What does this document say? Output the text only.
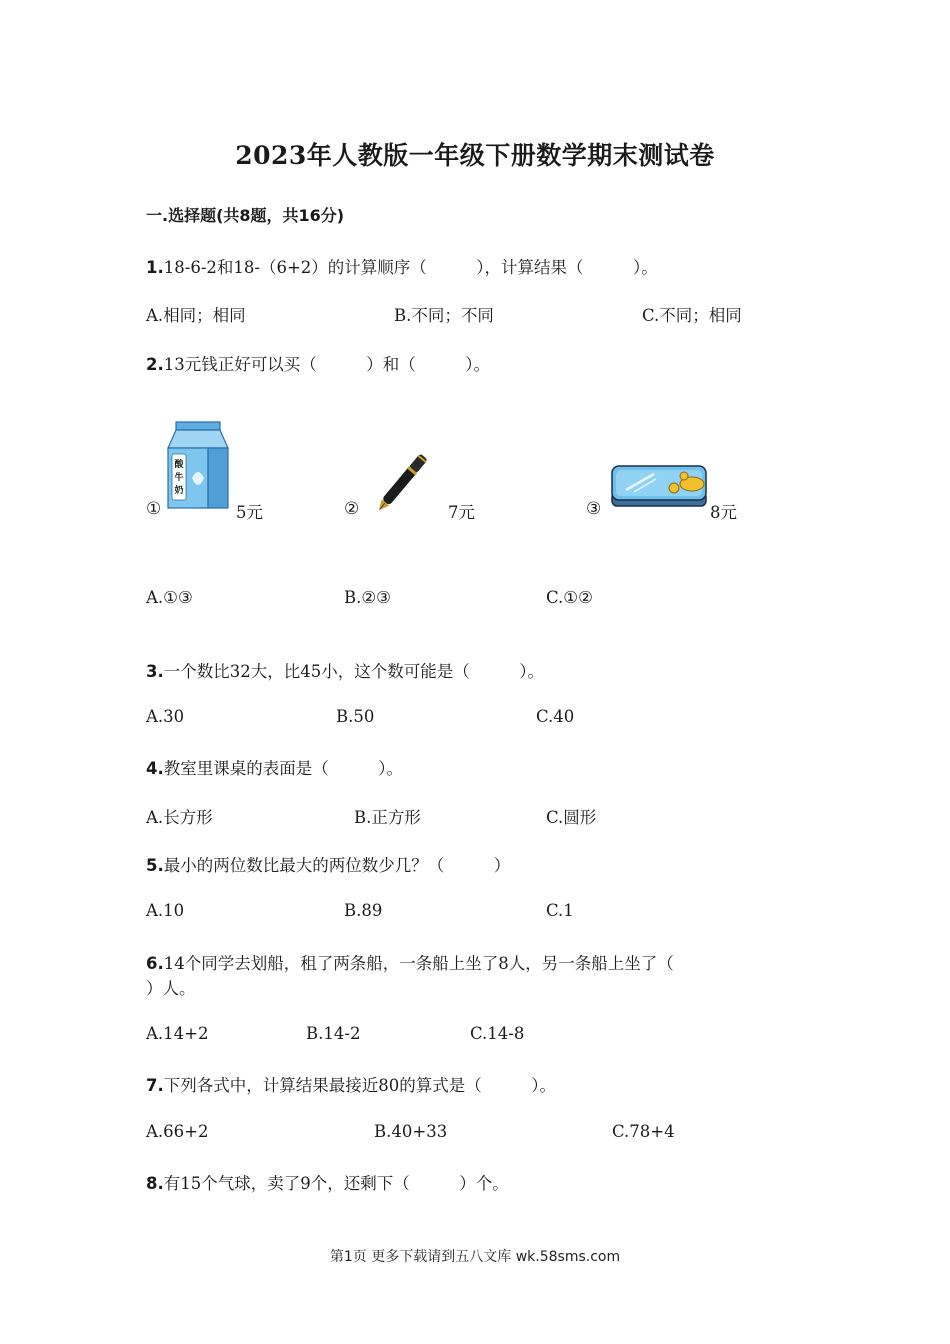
2023年人教版一年级下册数学期末测试卷
一.选择题(共8题，共16分)
1.18-6-2和18-（6+2）的计算顺序（　　　），计算结果（　　　）。
A.相同；相同	B.不同；不同	C.不同；相同
2.13元钱正好可以买（　　　）和（　　　）。
①
酸
牛
奶
5元	②	7元	③	8元
A.①③	B.②③	C.①②
3.一个数比32大，比45小，这个数可能是（　　　）。
A.30	B.50	C.40
4.教室里课桌的表面是（　　　）。
A.长方形	B.正方形	C.圆形
5.最小的两位数比最大的两位数少几？（　　　）
A.10	B.89	C.1
6.14个同学去划船，租了两条船，一条船上坐了8人，另一条船上坐了（
）人。
A.14+2	B.14-2	C.14-8
7.下列各式中，计算结果最接近80的算式是（　　　）。
A.66+2	B.40+33	C.78+4
8.有15个气球，卖了9个，还剩下（　　　）个。
第1页 更多下载请到五八文库 wk.58sms.com
